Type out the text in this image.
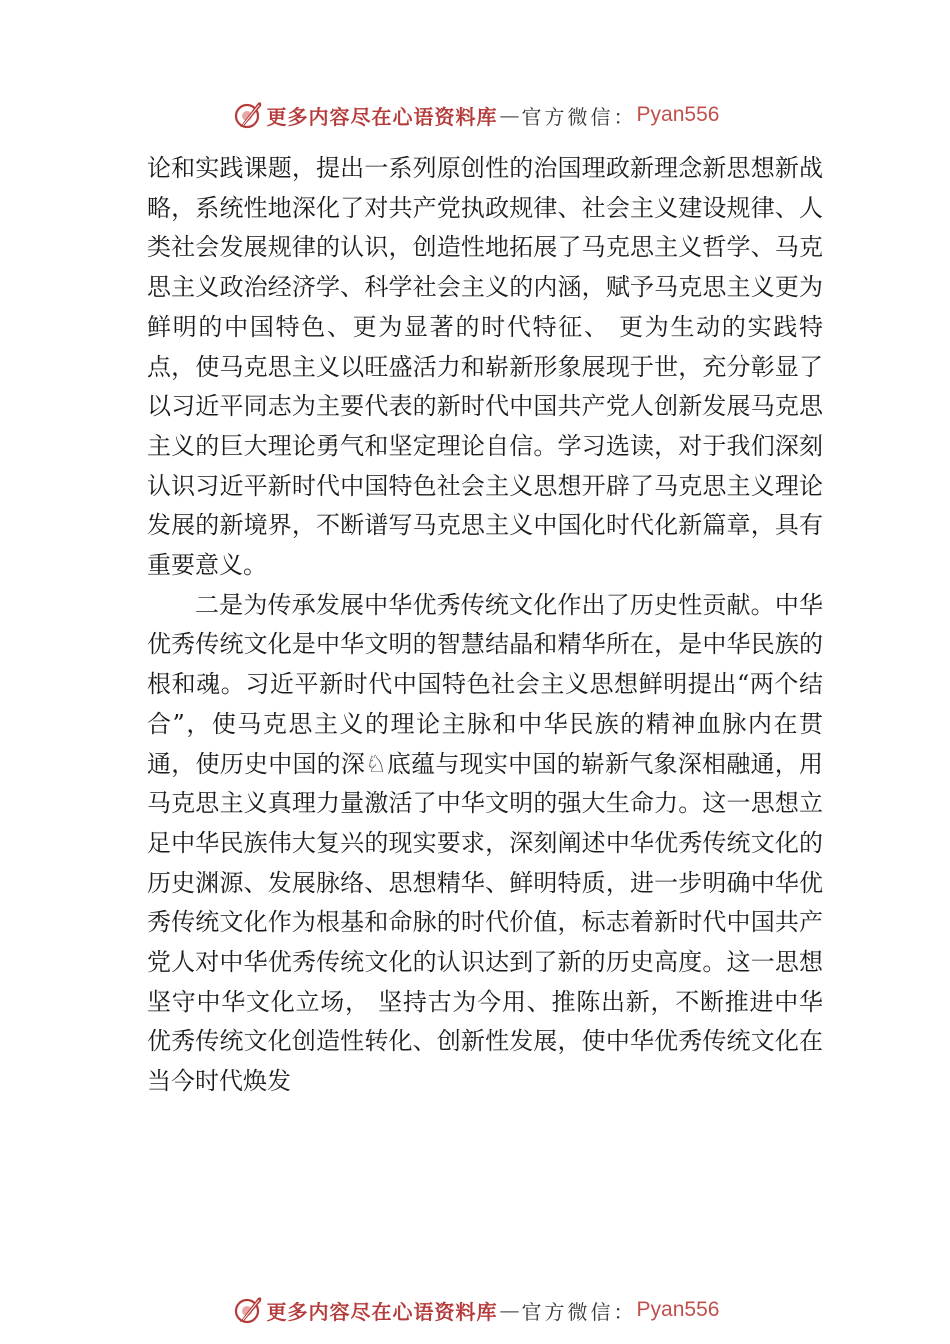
更多内容尽在心语资料库 — 官方微信： Pyan556

论和实践课题，提出一系列原创性的治国理政新理念新思想新战略，系统性地深化了对共产党执政规律、社会主义建设规律、人类社会发展规律的认识，创造性地拓展了马克思主义哲学、马克思主义政治经济学、科学社会主义的内涵，赋予马克思主义更为鲜明的中国特色、更为显著的时代特征、 更为生动的实践特点，使马克思主义以旺盛活力和崭新形象展现于世，充分彰显了以习近平同志为主要代表的新时代中国共产党人创新发展马克思主义的巨大理论勇气和坚定理论自信。学习选读，对于我们深刻认识习近平新时代中国特色社会主义思想开辟了马克思主义理论发展的新境界，不断谱写马克思主义中国化时代化新篇章，具有重要意义。

二是为传承发展中华优秀传统文化作出了历史性贡献。中华优秀传统文化是中华文明的智慧结晶和精华所在，是中华民族的根和魂。习近平新时代中国特色社会主义思想鲜明提出“两个结合”，使马克思主义的理论主脉和中华民族的精神血脉内在贯通，使历史中国的深♘底蕴与现实中国的崭新气象深相融通，用马克思主义真理力量激活了中华文明的强大生命力。这一思想立足中华民族伟大复兴的现实要求，深刻阐述中华优秀传统文化的历史渊源、发展脉络、思想精华、鲜明特质，进一步明确中华优秀传统文化作为根基和命脉的时代价值，标志着新时代中国共产党人对中华优秀传统文化的认识达到了新的历史高度。这一思想坚守中华文化立场， 坚持古为今用、推陈出新，不断推进中华优秀传统文化创造性转化、创新性发展，使中华优秀传统文化在当今时代焕发

更多内容尽在心语资料库 — 官方微信： Pyan556
